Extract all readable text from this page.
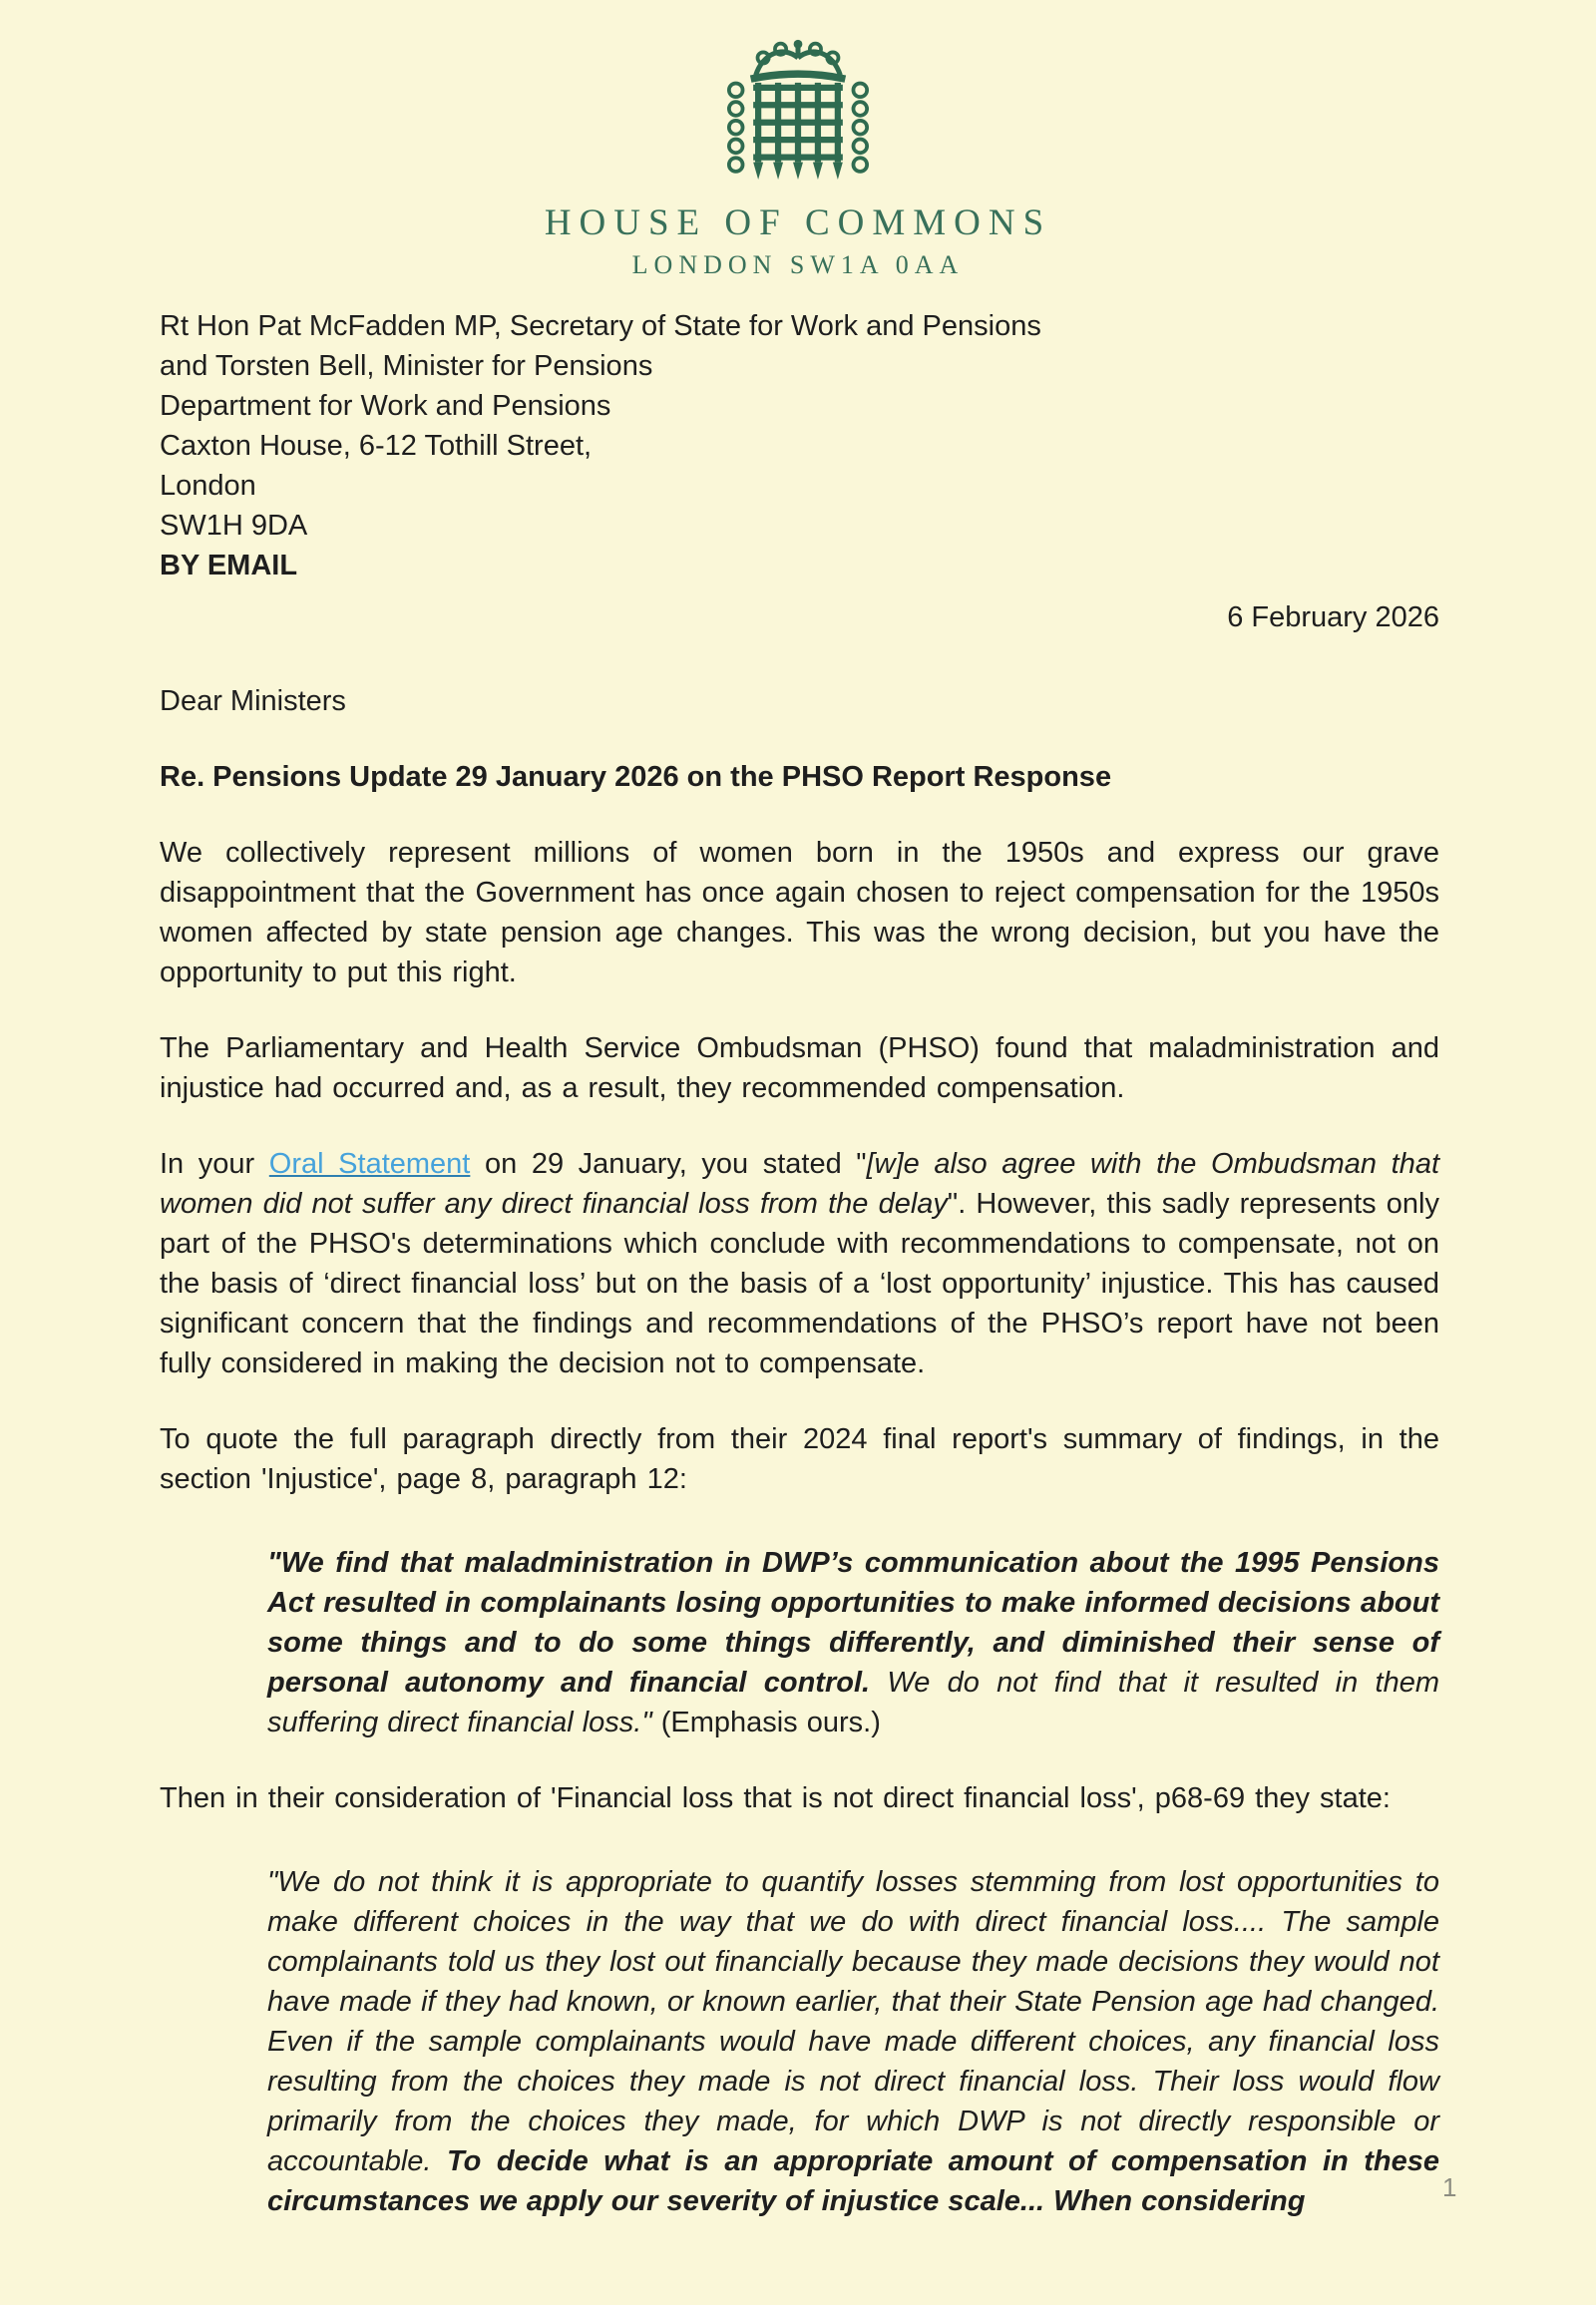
HOUSE OF COMMONS
LONDON SW1A 0AA
Rt Hon Pat McFadden MP, Secretary of State for Work and Pensions
and Torsten Bell, Minister for Pensions
Department for Work and Pensions
Caxton House, 6-12 Tothill Street,
London
SW1H 9DA
BY EMAIL
6 February 2026

Dear Ministers

Re. Pensions Update 29 January 2026 on the PHSO Report Response

We collectively represent millions of women born in the 1950s and express our grave disappointment that the Government has once again chosen to reject compensation for the 1950s women affected by state pension age changes. This was the wrong decision, but you have the opportunity to put this right.

The Parliamentary and Health Service Ombudsman (PHSO) found that maladministration and injustice had occurred and, as a result, they recommended compensation.

In your Oral Statement on 29 January, you stated "[w]e also agree with the Ombudsman that women did not suffer any direct financial loss from the delay". However, this sadly represents only part of the PHSO's determinations which conclude with recommendations to compensate, not on the basis of ‘direct financial loss’ but on the basis of a ‘lost opportunity’ injustice. This has caused significant concern that the findings and recommendations of the PHSO’s report have not been fully considered in making the decision not to compensate.

To quote the full paragraph directly from their 2024 final report's summary of findings, in the section 'Injustice', page 8, paragraph 12:

"We find that maladministration in DWP’s communication about the 1995 Pensions Act resulted in complainants losing opportunities to make informed decisions about some things and to do some things differently, and diminished their sense of personal autonomy and financial control. We do not find that it resulted in them suffering direct financial loss." (Emphasis ours.)

Then in their consideration of 'Financial loss that is not direct financial loss', p68-69 they state:

"We do not think it is appropriate to quantify losses stemming from lost opportunities to make different choices in the way that we do with direct financial loss.... The sample complainants told us they lost out financially because they made decisions they would not have made if they had known, or known earlier, that their State Pension age had changed. Even if the sample complainants would have made different choices, any financial loss resulting from the choices they made is not direct financial loss. Their loss would flow primarily from the choices they made, for which DWP is not directly responsible or accountable. To decide what is an appropriate amount of compensation in these circumstances we apply our severity of injustice scale... When considering	1
